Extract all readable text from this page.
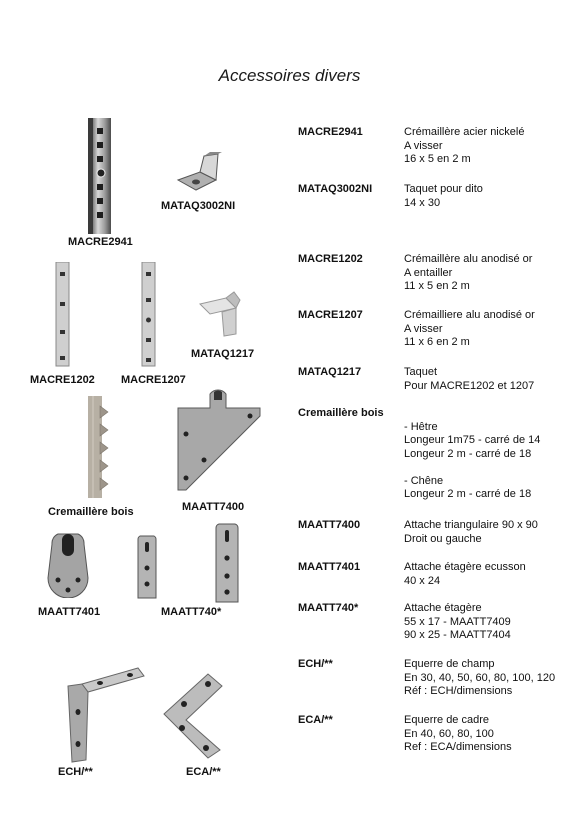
Accessoires divers
MACRE2941
MATAQ3002NI
MACRE1202 MACRE1207
MATAQ1217
Cremaillère bois	MAATT7400
MAATT7401	MAATT740*
ECH/**	ECA/**
MACRE2941	Crémaillère acier nickelé
A visser
16 x 5 en 2 m
MATAQ3002NI	Taquet pour dito
14 x 30
MACRE1202	Crémaillère alu anodisé or
A entailler
11 x 5 en 2 m
MACRE1207	Crémailliere alu anodisé or
A visser
11 x 6 en 2 m
MATAQ1217	Taquet
Pour MACRE1202 et 1207
Cremaillère bois
- Hêtre
Longeur 1m75 - carré de 14
Longeur 2 m - carré de 18
- Chêne
Longeur 2 m - carré de 18
MAATT7400	Attache triangulaire 90 x 90
Droit ou gauche
MAATT7401	Attache étagère ecusson
40 x 24
MAATT740*	Attache étagère
55 x 17 - MAATT7409
90 x 25 - MAATT7404
ECH/**	Equerre de champ
En 30, 40, 50, 60, 80, 100, 120
Réf : ECH/dimensions
ECA/**	Equerre de cadre
En 40, 60, 80, 100
Ref : ECA/dimensions
